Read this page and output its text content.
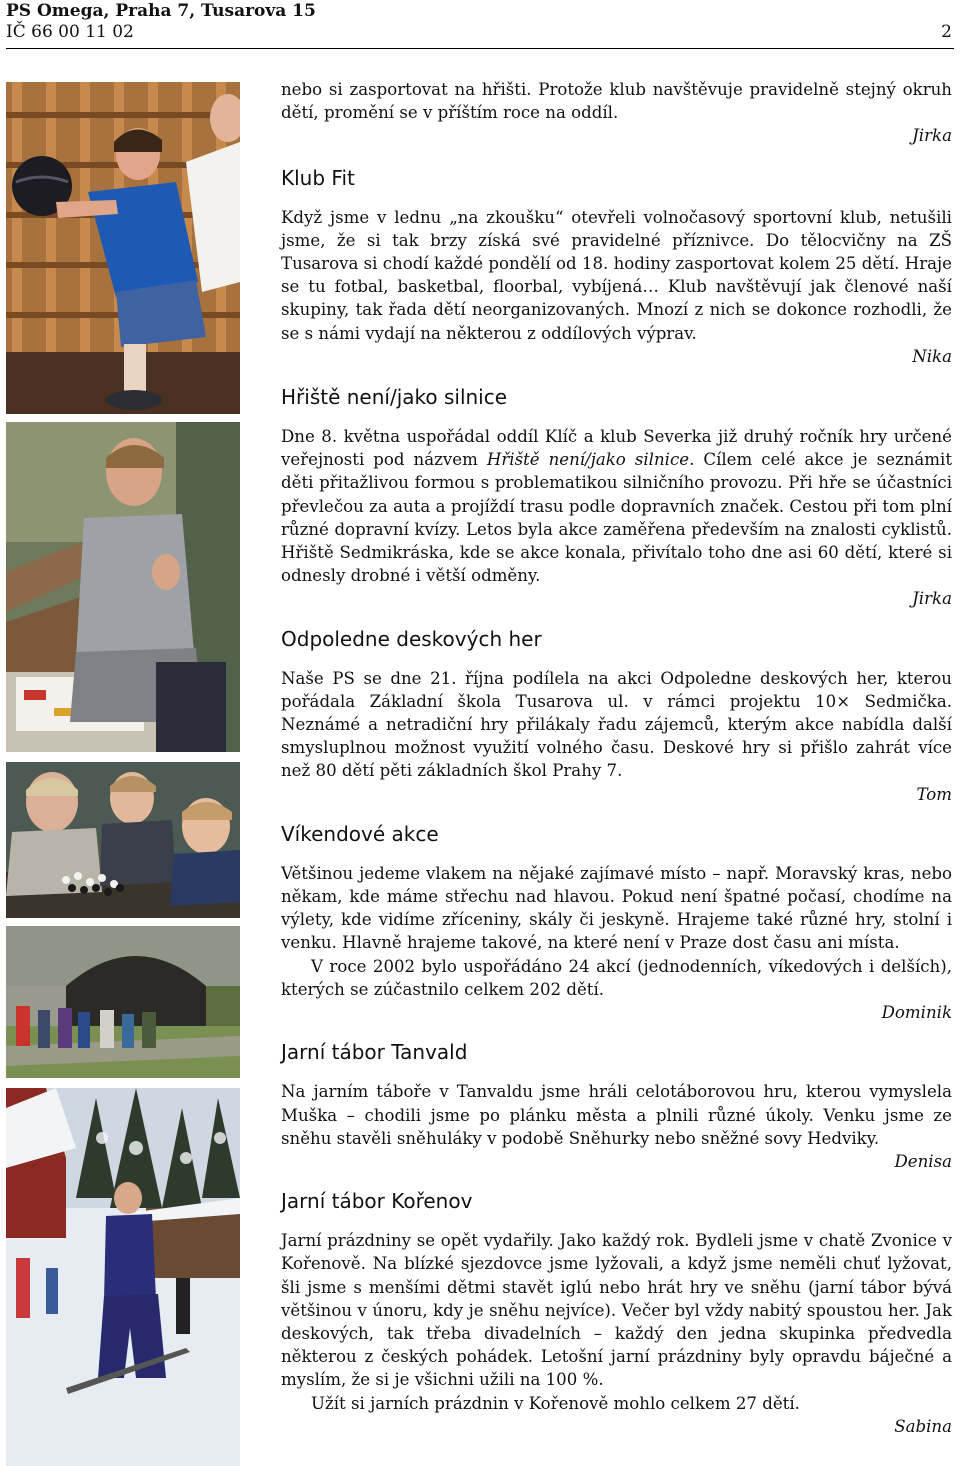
PS Omega, Praha 7, Tusarova 15
IČ 66 00 11 02	2

nebo si zasportovat na hřišti. Protože klub navštěvuje pravidelně stejný okruh dětí, promění se v příštím roce na oddíl.

Jirka
Klub Fit

Když jsme v lednu „na zkoušku“ otevřeli volnočasový sportovní klub, netušili jsme, že si tak brzy získá své pravidelné příznivce. Do tělocvičny na ZŠ Tusarova si chodí každé pondělí od 18. hodiny zasportovat kolem 25 dětí. Hraje se tu fotbal, basketbal, floorbal, vybíjená… Klub navštěvují jak členové naší skupiny, tak řada dětí neorganizovaných. Mnozí z nich se dokonce rozhodli, že se s námi vydají na některou z oddílových výprav.

Nika
Hřiště není/jako silnice

Dne 8. května uspořádal oddíl Klíč a klub Severka již druhý ročník hry určené veřejnosti pod názvem Hřiště není/jako silnice. Cílem celé akce je seznámit děti přitažlivou formou s problematikou silničního provozu. Při hře se účastníci převlečou za auta a projíždí trasu podle dopravních značek. Cestou při tom plní různé dopravní kvízy. Letos byla akce zaměřena především na znalosti cyklistů. Hřiště Sedmikráska, kde se akce konala, přivítalo toho dne asi 60 dětí, které si odnesly drobné i větší odměny.

Jirka
Odpoledne deskových her

Naše PS se dne 21. října podílela na akci Odpoledne deskových her, kterou pořádala Základní škola Tusarova ul. v rámci projektu 10× Sedmička. Neznámé a netradiční hry přilákaly řadu zájemců, kterým akce nabídla další smysluplnou možnost využití volného času. Deskové hry si přišlo zahrát více než 80 dětí pěti základních škol Prahy 7.

Tom
Víkendové akce

Většinou jedeme vlakem na nějaké zajímavé místo – např. Moravský kras, nebo někam, kde máme střechu nad hlavou. Pokud není špatné počasí, chodíme na výlety, kde vidíme zříceniny, skály či jeskyně. Hrajeme také různé hry, stolní i venku. Hlavně hrajeme takové, na které není v Praze dost času ani místa.

V roce 2002 bylo uspořádáno 24 akcí (jednodenních, víkedových i delších), kterých se zúčastnilo celkem 202 dětí.

Dominik
Jarní tábor Tanvald

Na jarním táboře v Tanvaldu jsme hráli celotáborovou hru, kterou vymyslela Muška – chodili jsme po plánku města a plnili různé úkoly. Venku jsme ze sněhu stavěli sněhuláky v podobě Sněhurky nebo sněžné sovy Hedviky.

Denisa
Jarní tábor Kořenov

Jarní prázdniny se opět vydařily. Jako každý rok. Bydleli jsme v chatě Zvonice v Kořenově. Na blízké sjezdovce jsme lyžovali, a když jsme neměli chuť lyžovat, šli jsme s menšími dětmi stavět iglú nebo hrát hry ve sněhu (jarní tábor bývá většinou v únoru, kdy je sněhu nejvíce). Večer byl vždy nabitý spoustou her. Jak deskových, tak třeba divadelních – každý den jedna skupinka předvedla některou z českých pohádek. Letošní jarní prázdniny byly opravdu báječné a myslím, že si je všichni užili na 100 %.

Užít si jarních prázdnin v Kořenově mohlo celkem 27 dětí.

Sabina
